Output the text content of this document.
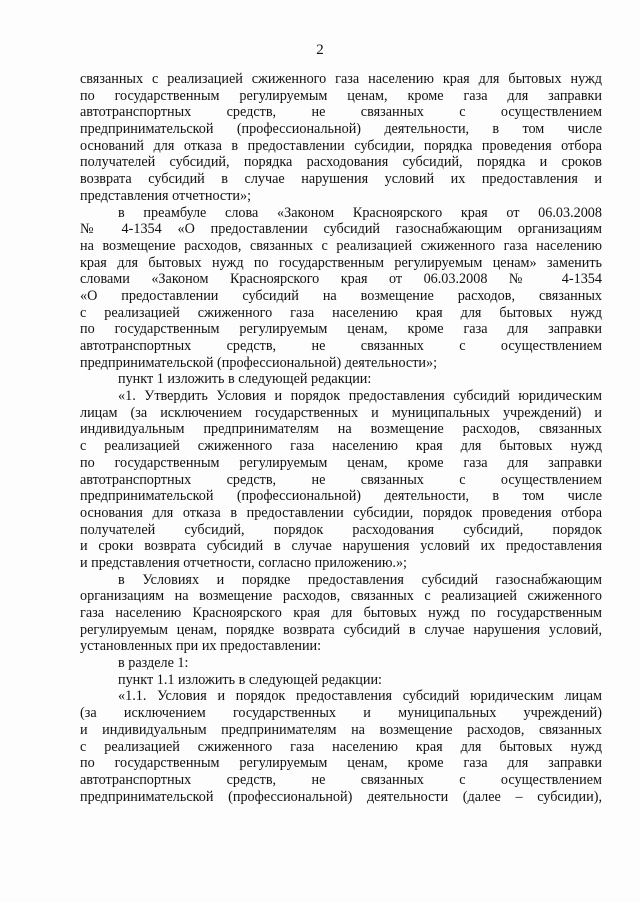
2
связанных с реализацией сжиженного газа населению края для бытовых нужд
по государственным регулируемым ценам, кроме газа для заправки
автотранспортных средств, не связанных с осуществлением
предпринимательской (профессиональной) деятельности, в том числе
оснований для отказа в предоставлении субсидии, порядка проведения отбора
получателей субсидий, порядка расходования субсидий, порядка и сроков
возврата субсидий в случае нарушения условий их предоставления и
представления отчетности»;
в преамбуле слова «Законом Красноярского края от 06.03.2008
№ 4-1354 «О предоставлении субсидий газоснабжающим организациям
на возмещение расходов, связанных с реализацией сжиженного газа населению
края для бытовых нужд по государственным регулируемым ценам» заменить
словами «Законом Красноярского края от 06.03.2008 № 4-1354
«О предоставлении субсидий на возмещение расходов, связанных
с реализацией сжиженного газа населению края для бытовых нужд
по государственным регулируемым ценам, кроме газа для заправки
автотранспортных средств, не связанных с осуществлением
предпринимательской (профессиональной) деятельности»;
пункт 1 изложить в следующей редакции:
«1. Утвердить Условия и порядок предоставления субсидий юридическим
лицам (за исключением государственных и муниципальных учреждений) и
индивидуальным предпринимателям на возмещение расходов, связанных
с реализацией сжиженного газа населению края для бытовых нужд
по государственным регулируемым ценам, кроме газа для заправки
автотранспортных средств, не связанных с осуществлением
предпринимательской (профессиональной) деятельности, в том числе
основания для отказа в предоставлении субсидии, порядок проведения отбора
получателей субсидий, порядок расходования субсидий, порядок
и сроки возврата субсидий в случае нарушения условий их предоставления
и представления отчетности, согласно приложению.»;
в Условиях и порядке предоставления субсидий газоснабжающим
организациям на возмещение расходов, связанных с реализацией сжиженного
газа населению Красноярского края для бытовых нужд по государственным
регулируемым ценам, порядке возврата субсидий в случае нарушения условий,
установленных при их предоставлении:
в разделе 1:
пункт 1.1 изложить в следующей редакции:
«1.1. Условия и порядок предоставления субсидий юридическим лицам
(за исключением государственных и муниципальных учреждений)
и индивидуальным предпринимателям на возмещение расходов, связанных
с реализацией сжиженного газа населению края для бытовых нужд
по государственным регулируемым ценам, кроме газа для заправки
автотранспортных средств, не связанных с осуществлением
предпринимательской (профессиональной) деятельности (далее – субсидии),
